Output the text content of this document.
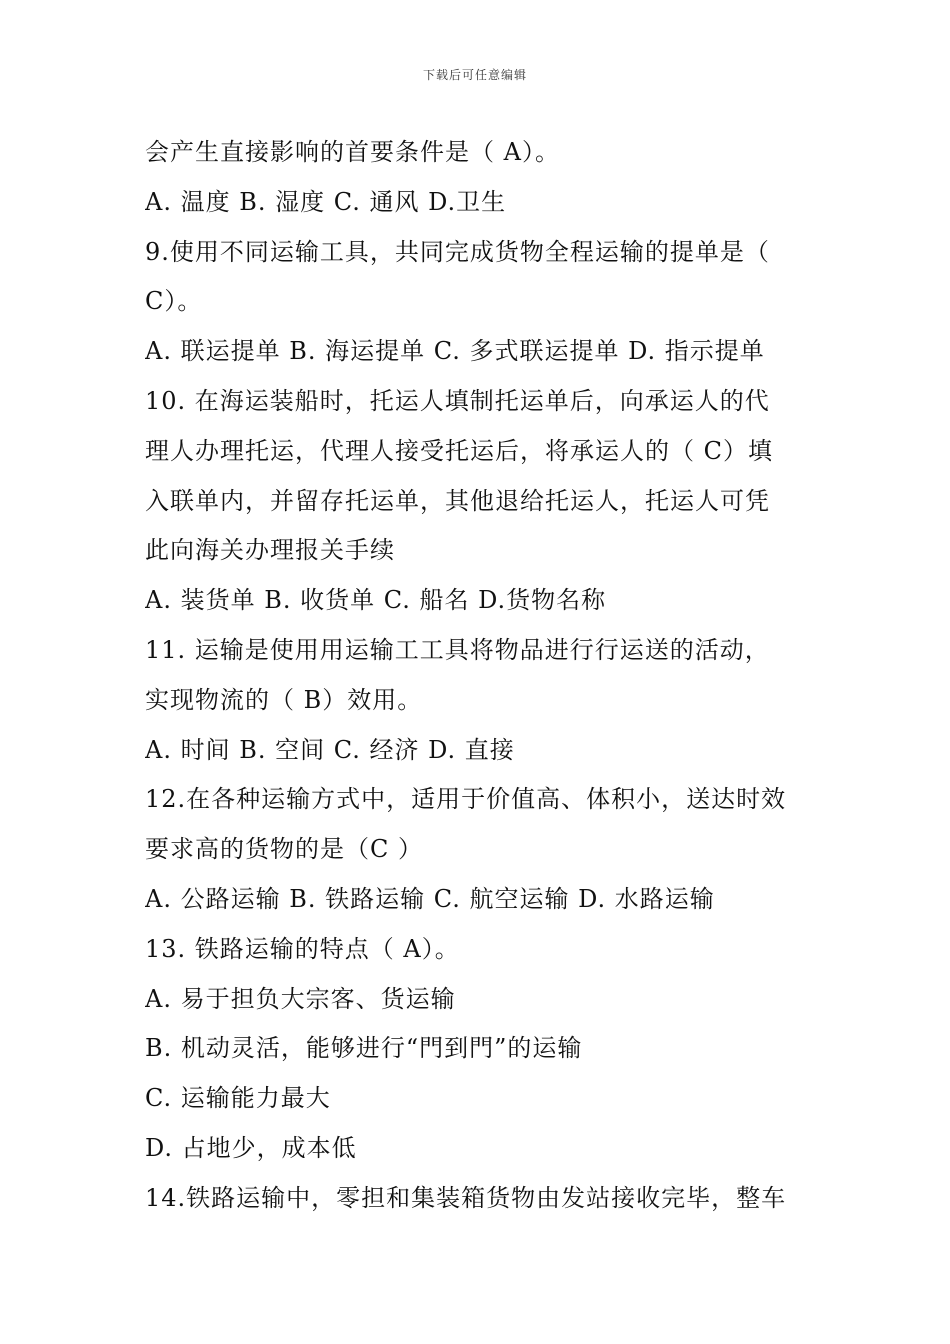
下载后可任意编辑
会产生直接影响的首要条件是（ A）。
A. 温度 B. 湿度 C. 通风 D.卫生
9.使用不同运输工具，共同完成货物全程运输的提单是（
C）。
A. 联运提单 B. 海运提单 C. 多式联运提单 D. 指示提单
10. 在海运装船时，托运人填制托运单后，向承运人的代
理人办理托运，代理人接受托运后，将承运人的（ C）填
入联单内，并留存托运单，其他退给托运人，托运人可凭
此向海关办理报关手续
A. 装货单 B. 收货单 C. 船名 D.货物名称
11. 运输是使用用运输工工具将物品进行行运送的活动，
实现物流的（ B）效用。
A. 时间 B. 空间 C. 经济 D. 直接
12.在各种运输方式中，适用于价值高、体积小，送达时效
要求高的货物的是（C ）
A. 公路运输 B. 铁路运输 C. 航空运输 D. 水路运输
13. 铁路运输的特点（ A）。
A. 易于担负大宗客、货运输
B. 机动灵活，能够进行“門到門”的运输
C. 运输能力最大
D. 占地少，成本低
14.铁路运输中，零担和集装箱货物由发站接收完毕，整车
